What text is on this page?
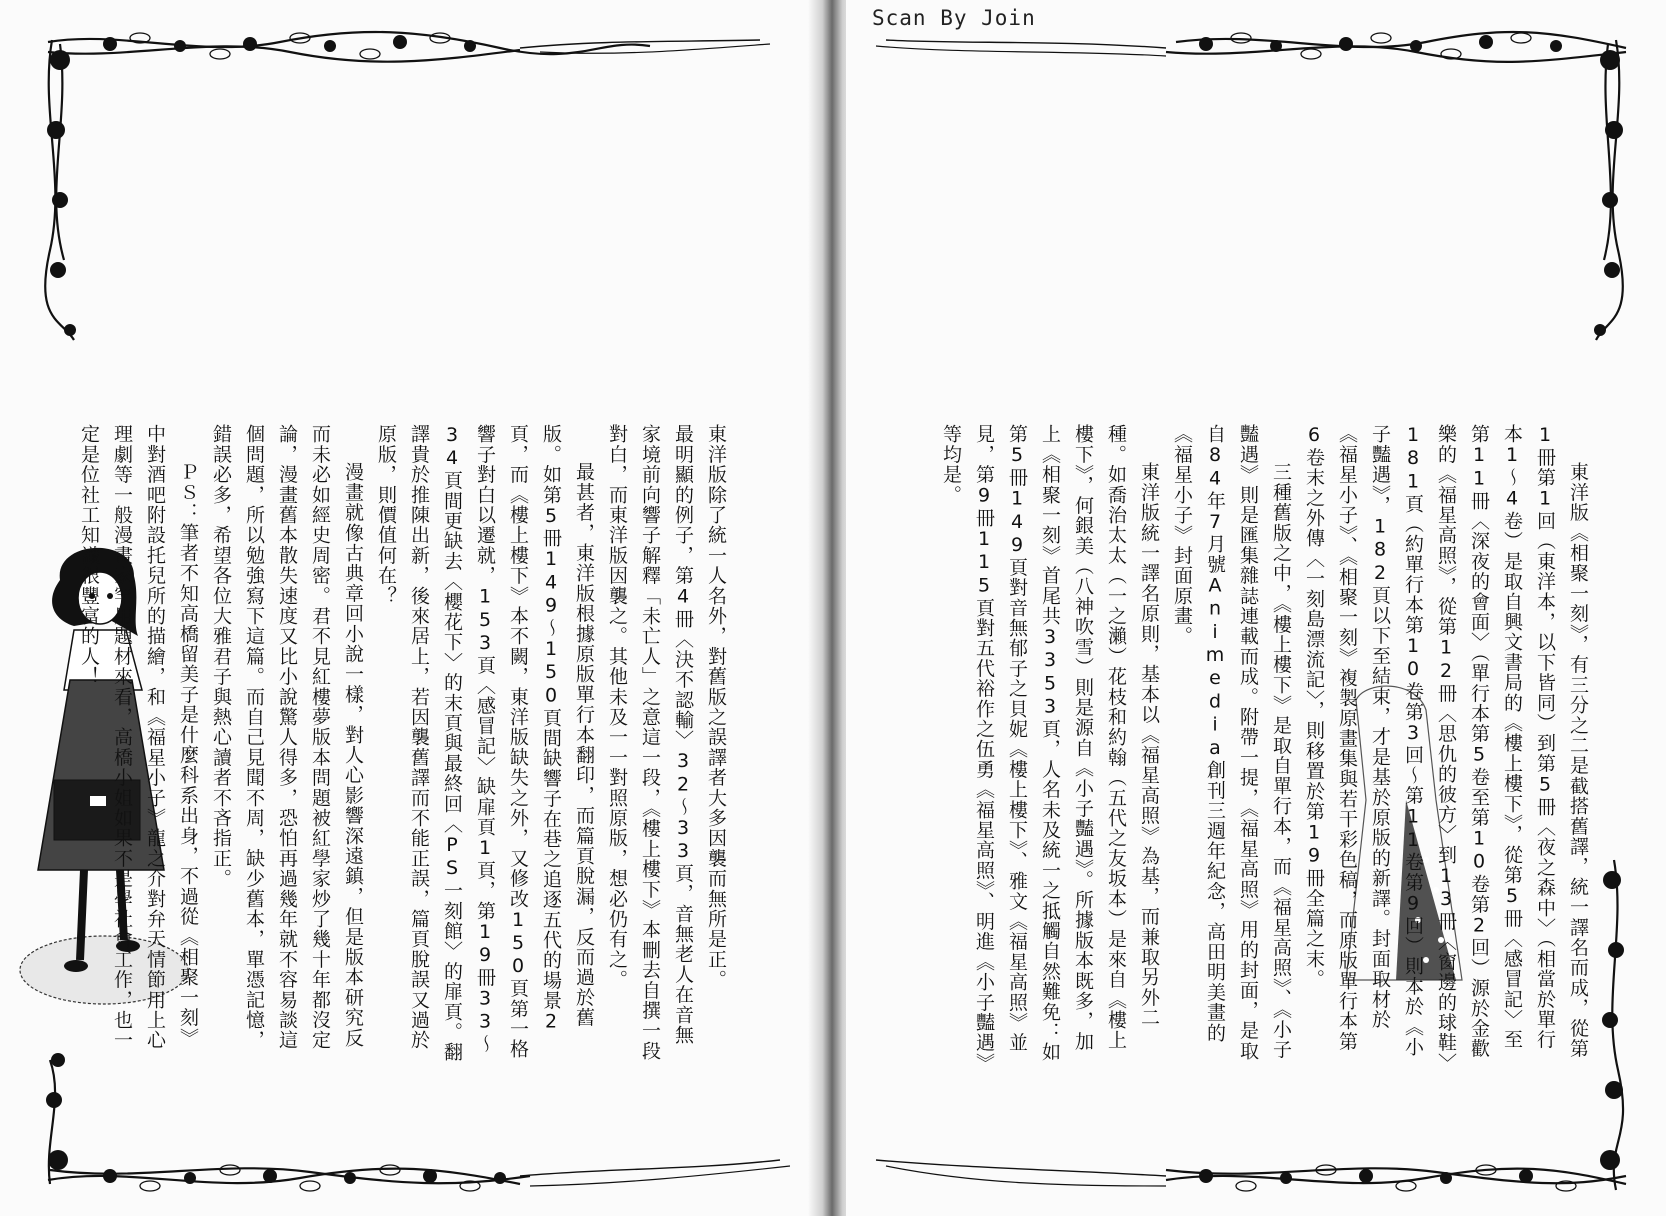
東洋版除了統一人名外，對舊版之誤譯者大多因襲而無所是正。

最明顯的例子，第4冊〈決不認輸〉32～33頁，音無老人在音無家境前向響子解釋「未亡人」之意這一段，《樓上樓下》本刪去自撰一段對白，而東洋版因襲之。其他未及一一對照原版，想必仍有之。

最甚者，東洋版根據原版單行本翻印，而篇頁脫漏，反而過於舊版。如第5冊149～150頁間缺響子在巷之追逐五代的場景2頁，而《樓上樓下》本不闕，東洋版缺失之外，又修改150頁第一格響子對白以遷就，153頁〈感冒記〉缺扉頁1頁，第19冊33～34頁間更缺去〈櫻花下〉的末頁與最終回〈PS一刻館〉的扉頁。翻譯貴於推陳出新，後來居上，若因襲舊譯而不能正誤，篇頁脫誤又過於原版，則價值何在？

漫畫就像古典章回小說一樣，對人心影響深遠鎮，但是版本研究反而未必如經史周密。君不見紅樓夢版本問題被紅學家炒了幾十年都沒定論，漫畫舊本散失速度又比小說驚人得多，恐怕再過幾年就不容易談這個問題，所以勉強寫下這篇。而自己見聞不周，缺少舊本，單憑記憶，錯誤必多，希望各位大雅君子與熱心讀者不吝指正。

ＰＳ：筆者不知高橋留美子是什麼科系出身，不過從《相聚一刻》中對酒吧附設托兒所的描繪，和《福星小子》龍之介對弁天情節用上心理劇等一般漫畫家罕用題材來看，高橋小姐如果不是學社會工作，也一定是位社工知識很豐富的人！	東洋版《相聚一刻》，有三分之二是截搭舊譯，統一譯名而成，從第1冊第1回（東洋本，以下皆同）到第5冊〈夜之森中〉（相當於單行本1～4卷）是取自興文書局的《樓上樓下》，從第5冊〈感冒記〉至第11冊〈深夜的會面〉（單行本第5卷至第10卷第2回）源於金歡樂的《福星高照》，從第12冊〈思仇的彼方〉到13冊〈窗邊的球鞋〉181頁（約單行本第10卷第3回～第11卷第9回）則本於《小子豔遇》，182頁以下至結束，才是基於原版的新譯。封面取材於《福星小子》、《相聚一刻》複製原畫集與若干彩色稿，而原版單行本第6卷末之外傳〈一刻島漂流記〉，則移置於第19冊全篇之末。

三種舊版之中，《樓上樓下》是取自單行本，而《福星高照》、《小子豔遇》則是匯集雜誌連載而成。附帶一提，《福星高照》用的封面，是取自84年7月號Animedia創刊三週年紀念，高田明美畫的《福星小子》封面原畫。

東洋版統一譯名原則，基本以《福星高照》為基，而兼取另外二種。如喬治太太（一之瀨）花枝和約翰（五代之友坂本）是來自《樓上樓下》，何銀美（八神吹雪）則是源自《小子豔遇》。所據版本既多，加上《相聚一刻》首尾共3353頁，人名未及統一之抵觸自然難免：如第5冊149頁對音無郁子之貝妮《樓上樓下》、雅文《福星高照》並見，第9冊115頁對五代裕作之伍勇《福星高照》、明進《小子豔遇》等均是。

Scan By Join
